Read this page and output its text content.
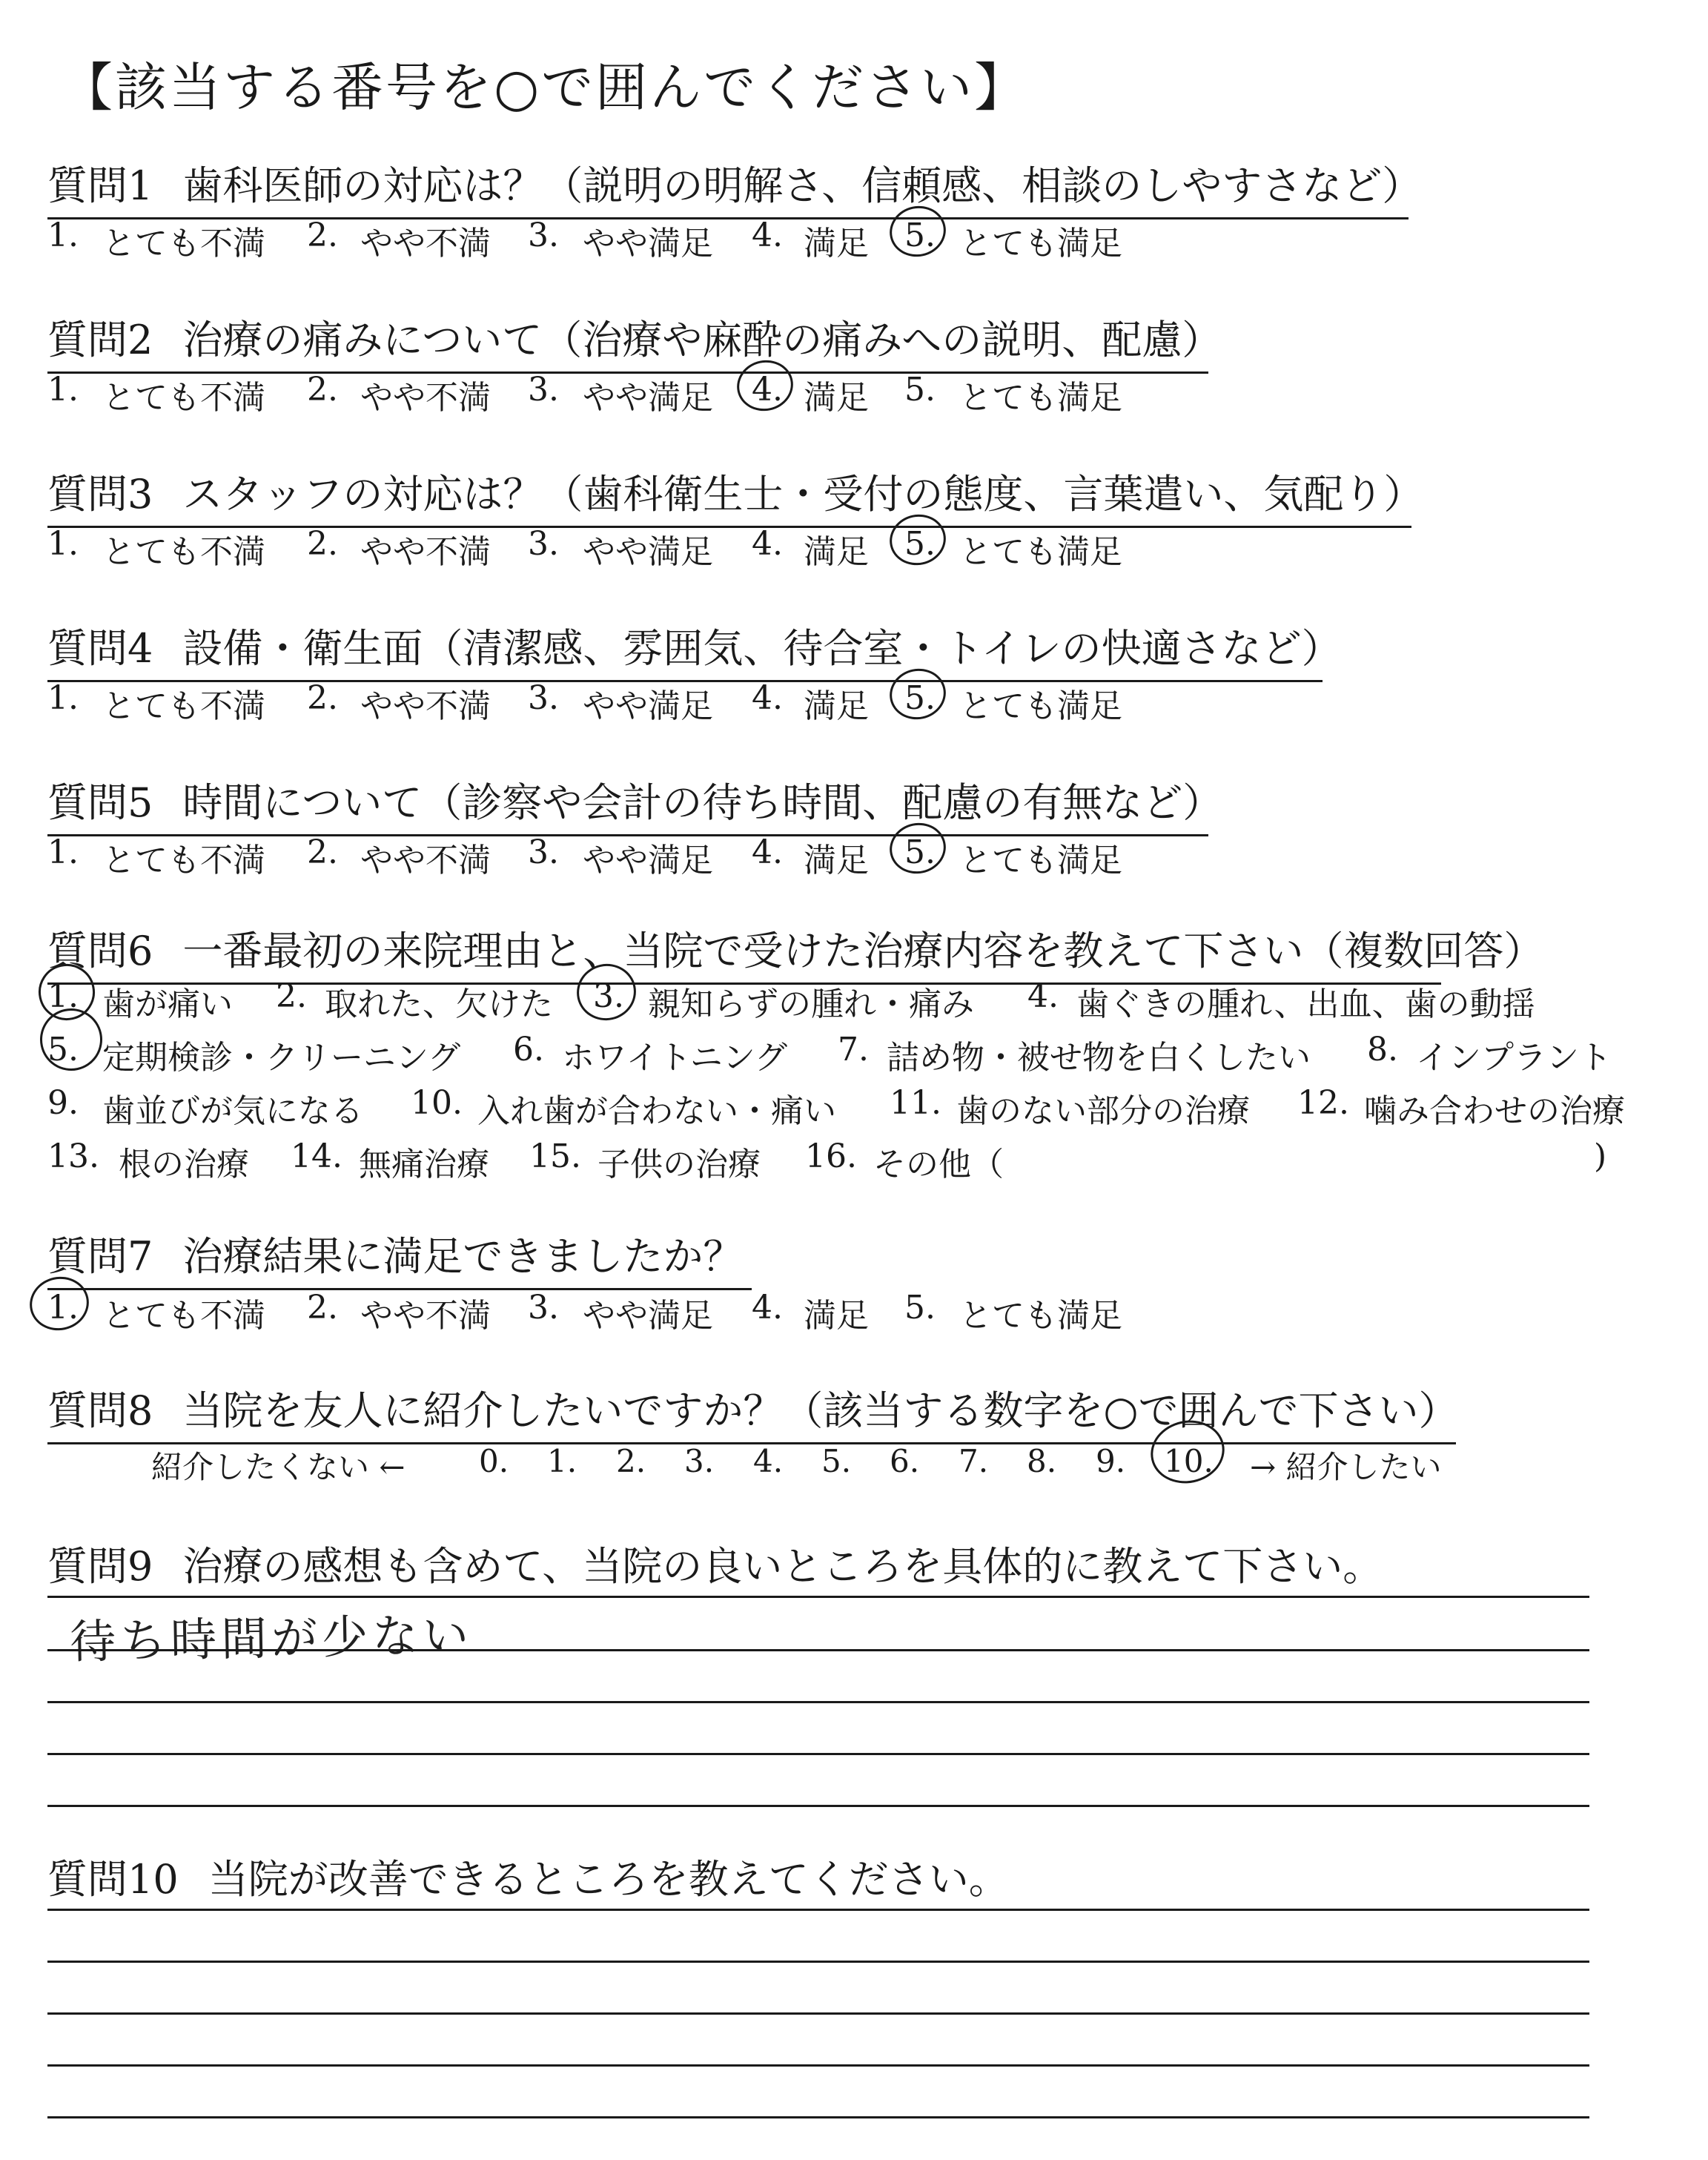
【該当する番号を○で囲んでください】
質問1 歯科医師の対応は？（説明の明解さ、信頼感、相談のしやすさなど）
1. とても不満 2. やや不満 3. やや満足 4. 満足 5. とても満足
質問2 治療の痛みについて（治療や麻酔の痛みへの説明、配慮）
1. とても不満 2. やや不満 3. やや満足 4. 満足 5. とても満足
質問3 スタッフの対応は？（歯科衛生士・受付の態度、言葉遣い、気配り）
1. とても不満 2. やや不満 3. やや満足 4. 満足 5. とても満足
質問4 設備・衛生面（清潔感、雰囲気、待合室・トイレの快適さなど）
1. とても不満 2. やや不満 3. やや満足 4. 満足 5. とても満足
質問5 時間について（診察や会計の待ち時間、配慮の有無など）
1. とても不満 2. やや不満 3. やや満足 4. 満足 5. とても満足
質問6 一番最初の来院理由と、当院で受けた治療内容を教えて下さい（複数回答）
1. 歯が痛い 2. 取れた、欠けた 3. 親知らずの腫れ・痛み 4. 歯ぐきの腫れ、出血、歯の動揺
5. 定期検診・クリーニング 6. ホワイトニング 7. 詰め物・被せ物を白くしたい 8. インプラント
9. 歯並びが気になる 10. 入れ歯が合わない・痛い 11. 歯のない部分の治療 12. 噛み合わせの治療
13. 根の治療 14. 無痛治療 15. 子供の治療 16. その他（	)
質問7 治療結果に満足できましたか？
1. とても不満 2. やや不満 3. やや満足 4. 満足 5. とても満足
質問8 当院を友人に紹介したいですか？（該当する数字を○で囲んで下さい）
紹介したくない ←	→ 紹介したい
0. 1. 2. 3. 4. 5. 6. 7. 8. 9. 10.
質問9 治療の感想も含めて、当院の良いところを具体的に教えて下さい。
待ち時間が少ない
質問10 当院が改善できるところを教えてください。
